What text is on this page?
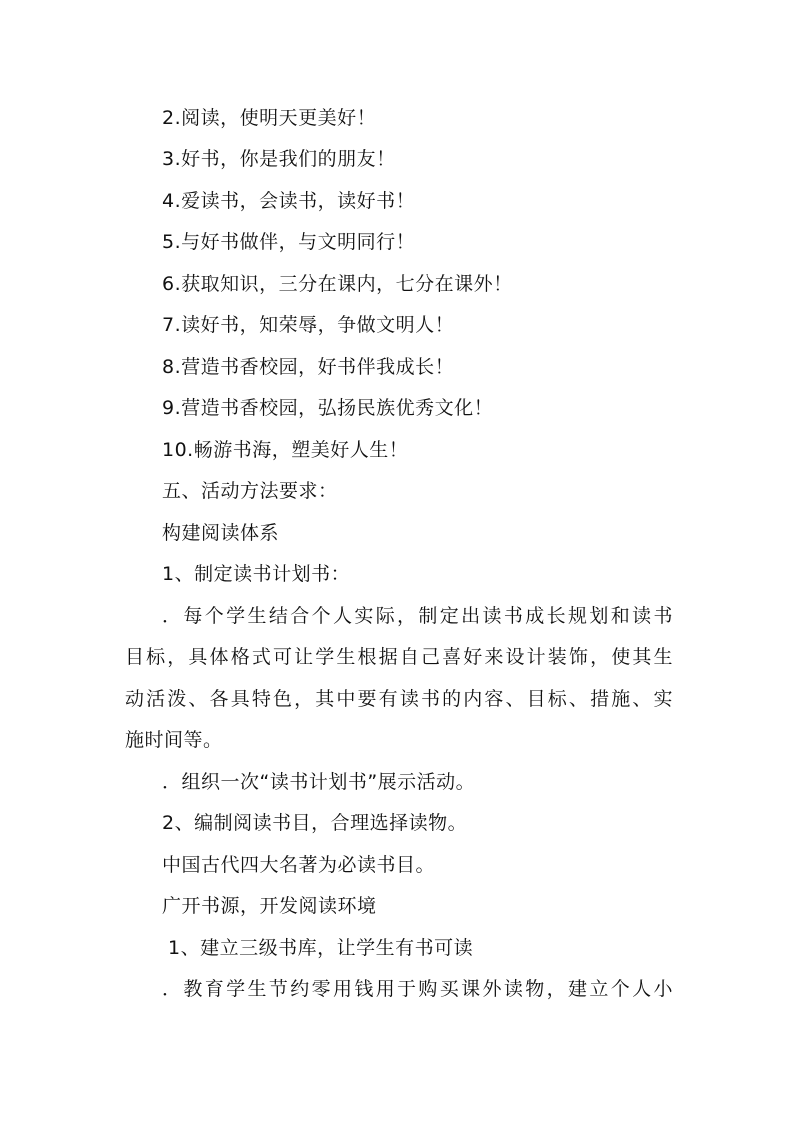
2.阅读，使明天更美好！
3.好书，你是我们的朋友！
4.爱读书，会读书，读好书！
5.与好书做伴，与文明同行！
6.获取知识，三分在课内，七分在课外！
7.读好书，知荣辱，争做文明人！
8.营造书香校园，好书伴我成长！
9.营造书香校园，弘扬民族优秀文化！
10.畅游书海，塑美好人生！
五、活动方法要求：
构建阅读体系
1、制定读书计划书：
．每个学生结合个人实际，制定出读书成长规划和读书
目标，具体格式可让学生根据自己喜好来设计装饰，使其生
动活泼、各具特色，其中要有读书的内容、目标、措施、实
施时间等。
．组织一次“读书计划书”展示活动。
2、编制阅读书目，合理选择读物。
中国古代四大名著为必读书目。
广开书源，开发阅读环境
1、建立三级书库，让学生有书可读
．教育学生节约零用钱用于购买课外读物，建立个人小
